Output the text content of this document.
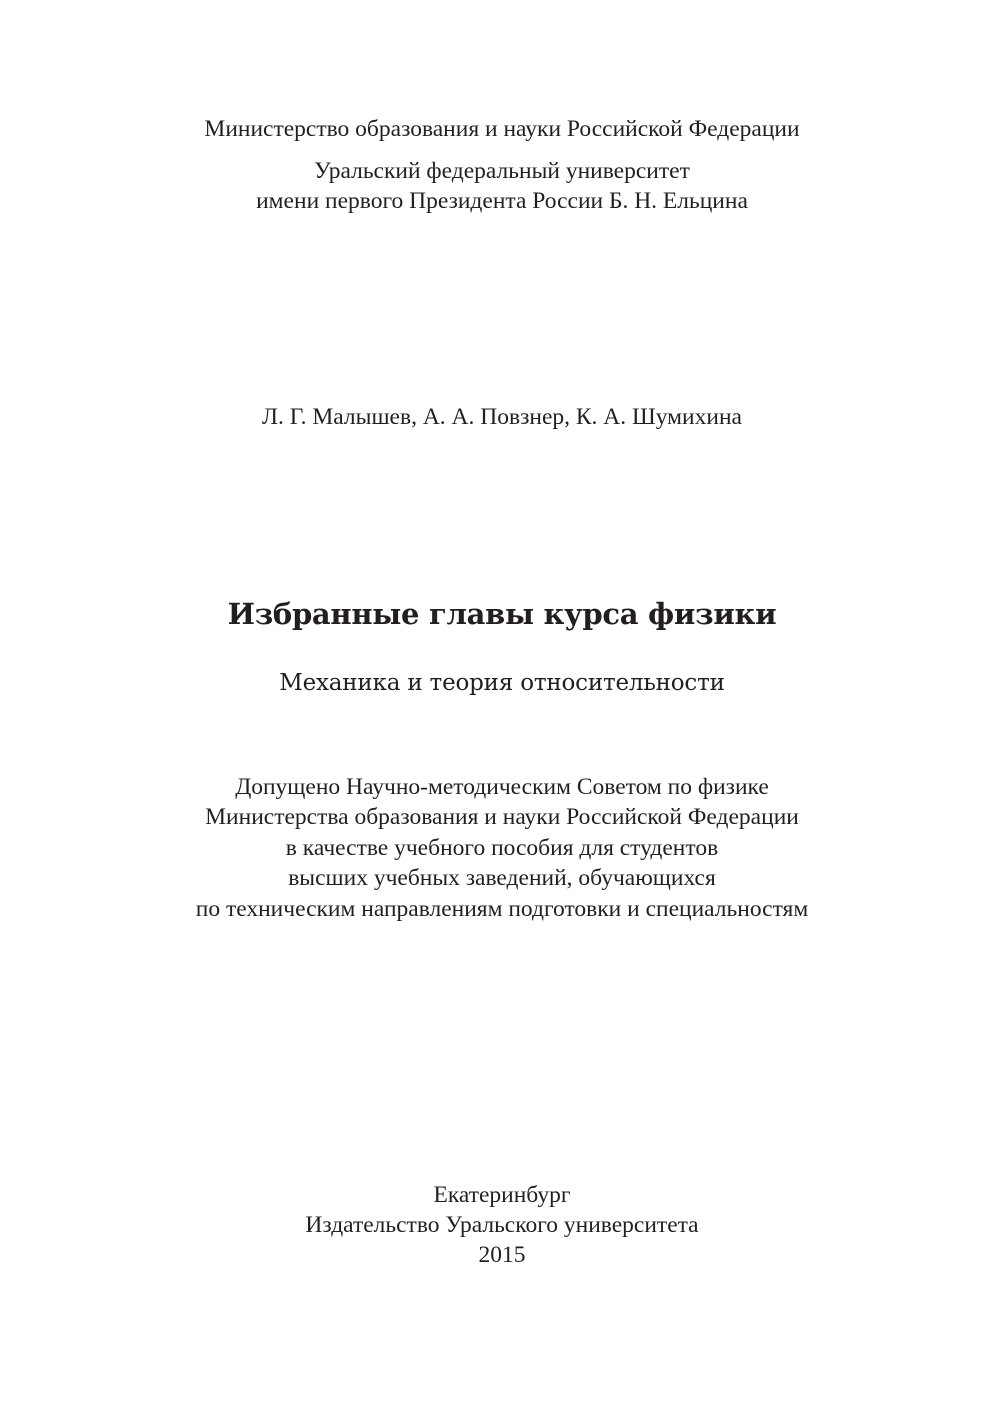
Министерство образования и науки Российской Федерации
Уральский федеральный университет
имени первого Президента России Б. Н. Ельцина
Л. Г. Малышев, А. А. Повзнер, К. А. Шумихина
Избранные главы курса физики
Механика и теория относительности
Допущено Научно-методическим Советом по физике
Министерства образования и науки Российской Федерации
в качестве учебного пособия для студентов
высших учебных заведений, обучающихся
по техническим направлениям подготовки и специальностям
Екатеринбург
Издательство Уральского университета
2015
